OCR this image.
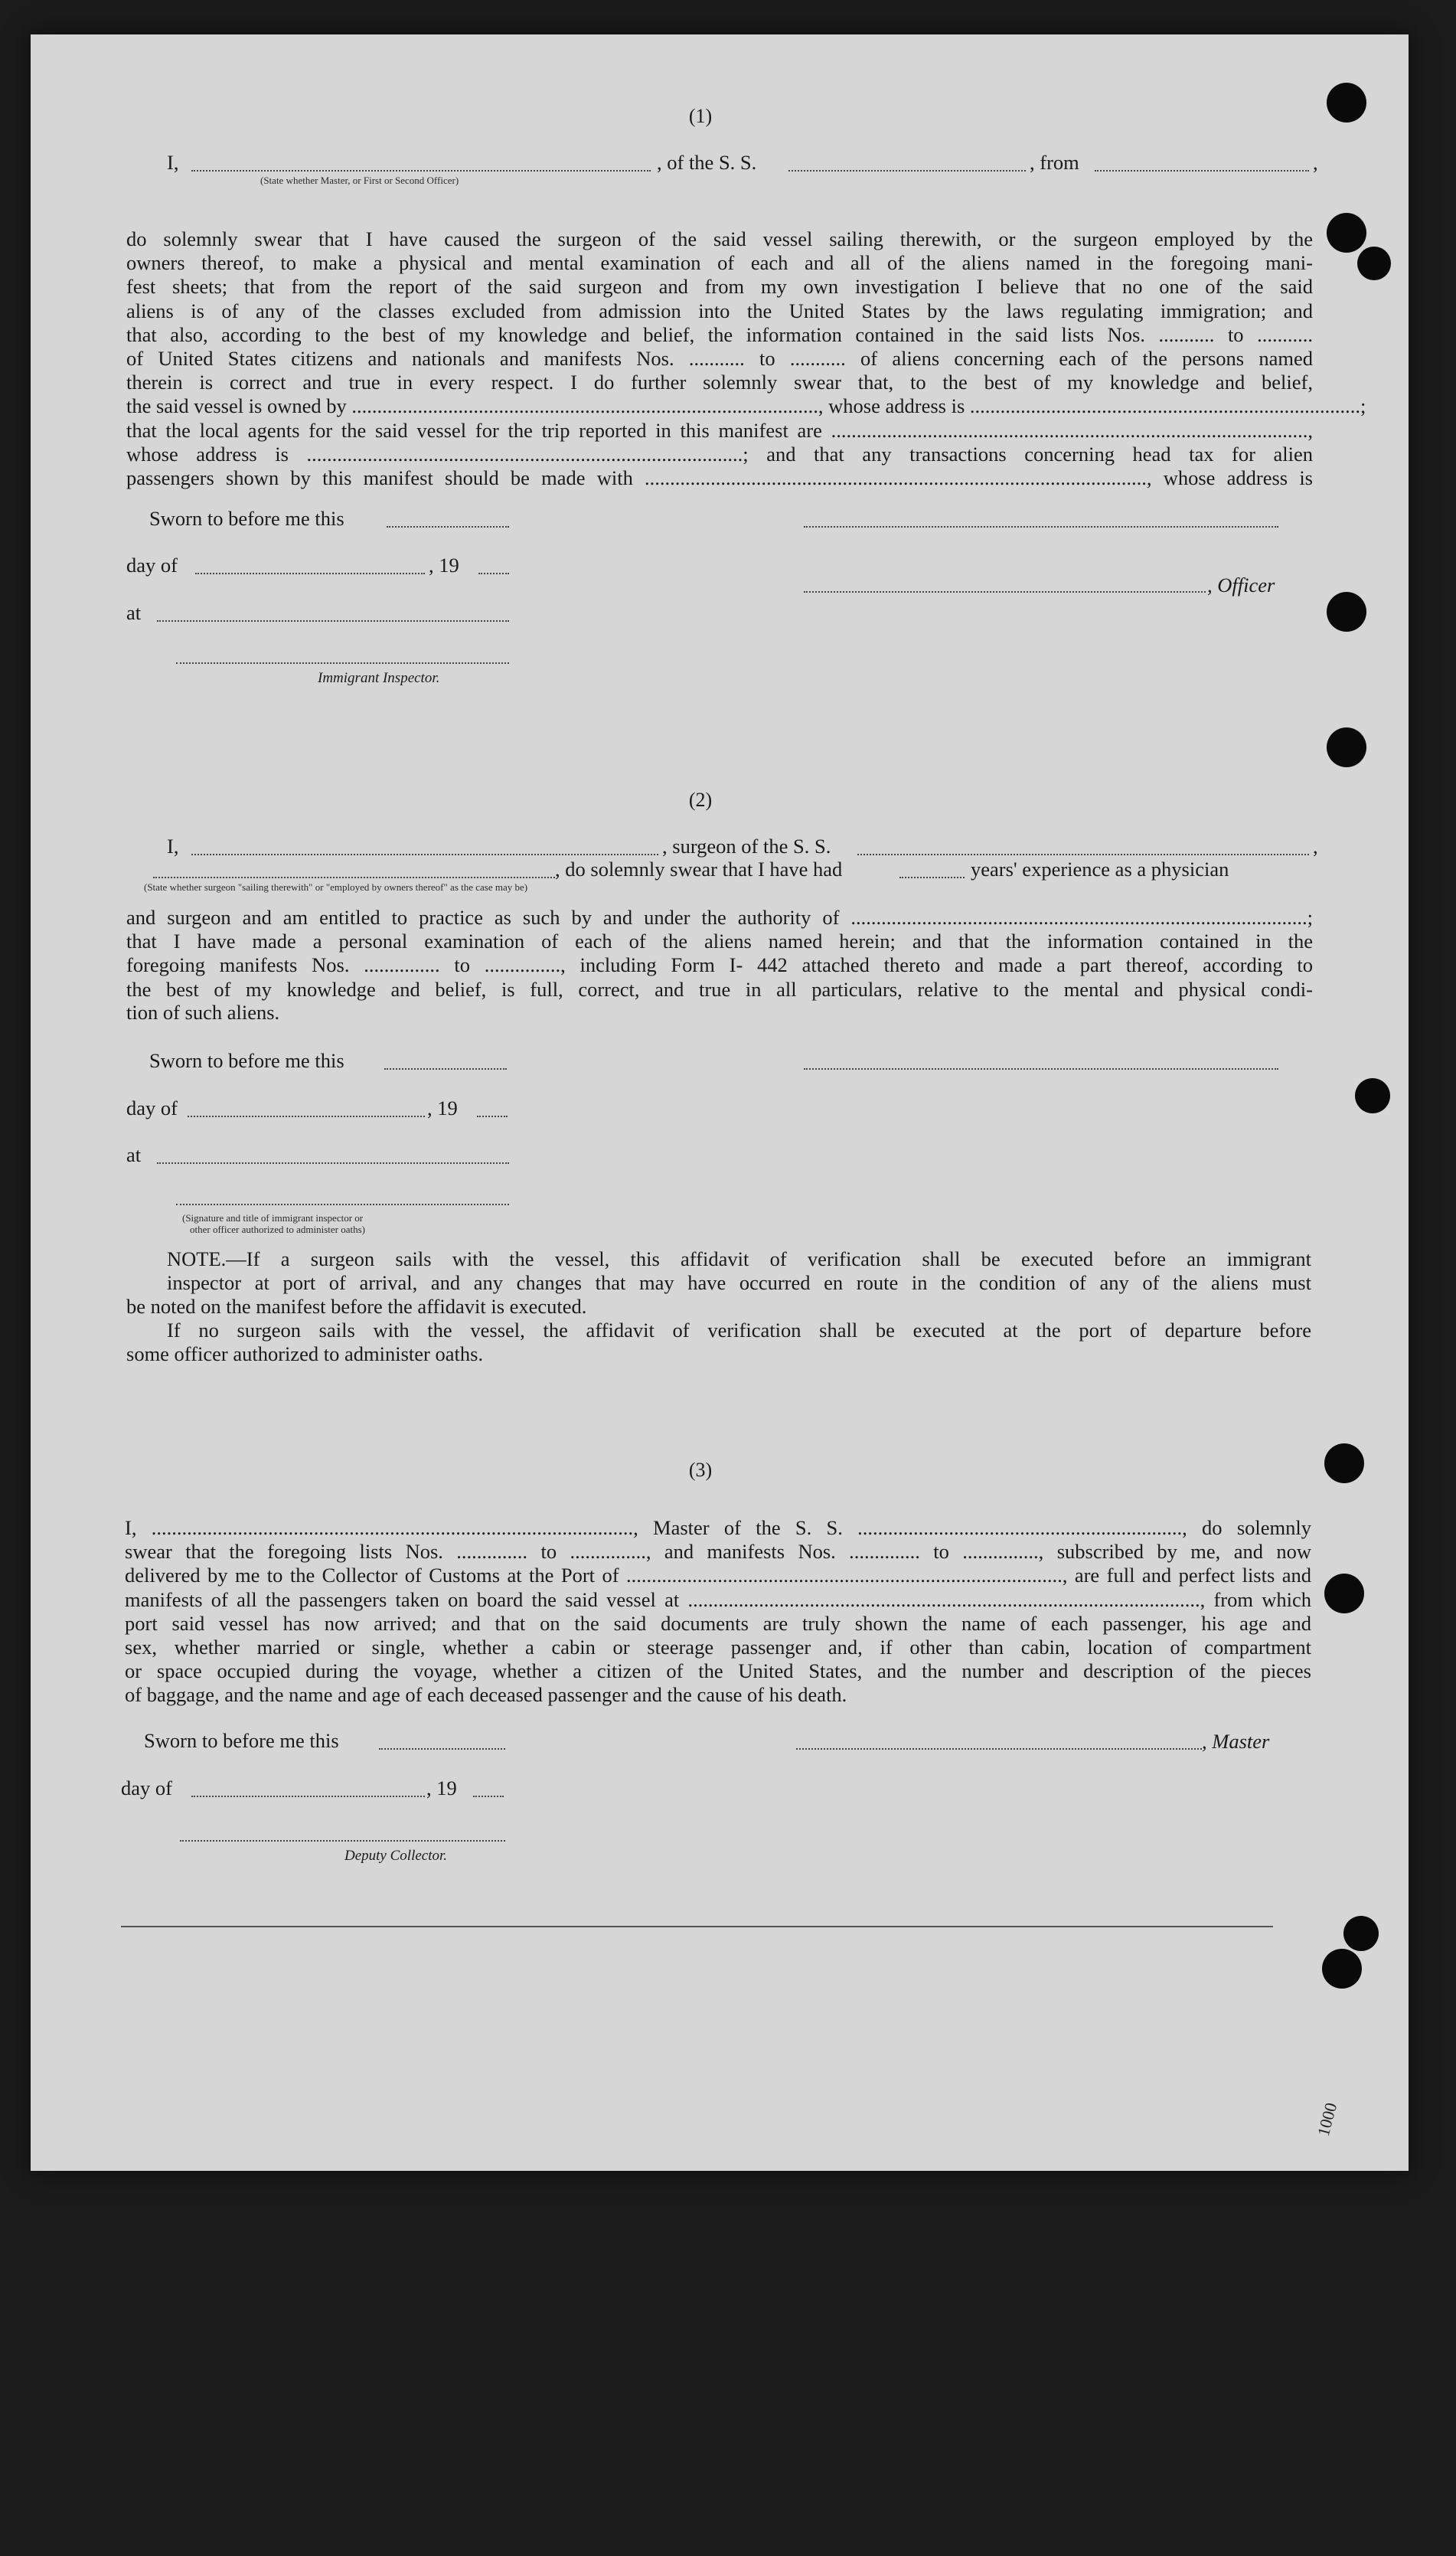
(1)
I,	, of the S. S.	, from	,
(State whether Master, or First or Second Officer)
do solemnly swear that I have caused the surgeon of the said vessel sailing therewith, or the surgeon employed by the
owners thereof, to make a physical and mental examination of each and all of the aliens named in the foregoing mani-
fest sheets; that from the report of the said surgeon and from my own investigation I believe that no one of the said
aliens is of any of the classes excluded from admission into the United States by the laws regulating immigration; and
that also, according to the best of my knowledge and belief, the information contained in the said lists Nos. ........... to ...........
of United States citizens and nationals and manifests Nos. ........... to ........... of aliens concerning each of the persons named
therein is correct and true in every respect. I do further solemnly swear that, to the best of my knowledge and belief,
the said vessel is owned by ............................................................................................, whose address is .............................................................................;
that the local agents for the said vessel for the trip reported in this manifest are ..............................................................................................,
whose address is ......................................................................................; and that any transactions concerning head tax for alien
passengers shown by this manifest should be made with ..................................................................................................., whose address is
Sworn to before me this
day of	, 19
, Officer
at
Immigrant Inspector.
(2)
I,	, surgeon of the S. S.	,
, do solemnly swear that I have had	years' experience as a physician
(State whether surgeon "sailing therewith" or "employed by owners thereof" as the case may be)
and surgeon and am entitled to practice as such by and under the authority of ..........................................................................................;
that I have made a personal examination of each of the aliens named herein; and that the information contained in the
foregoing manifests Nos. ............... to ..............., including Form I- 442 attached thereto and made a part thereof, according to
the best of my knowledge and belief, is full, correct, and true in all particulars, relative to the mental and physical condi-
tion of such aliens.
Sworn to before me this
day of	, 19
at
(Signature and title of immigrant inspector or
other officer authorized to administer oaths)
NOTE.—If a surgeon sails with the vessel, this affidavit of verification shall be executed before an immigrant
inspector at port of arrival, and any changes that may have occurred en route in the condition of any of the aliens must
be noted on the manifest before the affidavit is executed.
If no surgeon sails with the vessel, the affidavit of verification shall be executed at the port of departure before
some officer authorized to administer oaths.
(3)
I, ..............................................................................................., Master of the S. S. ................................................................, do solemnly
swear that the foregoing lists Nos. .............. to ..............., and manifests Nos. .............. to ..............., subscribed by me, and now
delivered by me to the Collector of Customs at the Port of ......................................................................................, are full and perfect lists and
manifests of all the passengers taken on board the said vessel at ....................................................................................................., from which
port said vessel has now arrived; and that on the said documents are truly shown the name of each passenger, his age and
sex, whether married or single, whether a cabin or steerage passenger and, if other than cabin, location of compartment
or space occupied during the voyage, whether a citizen of the United States, and the number and description of the pieces
of baggage, and the name and age of each deceased passenger and the cause of his death.
Sworn to before me this	, Master
day of	, 19
Deputy Collector.
1000
